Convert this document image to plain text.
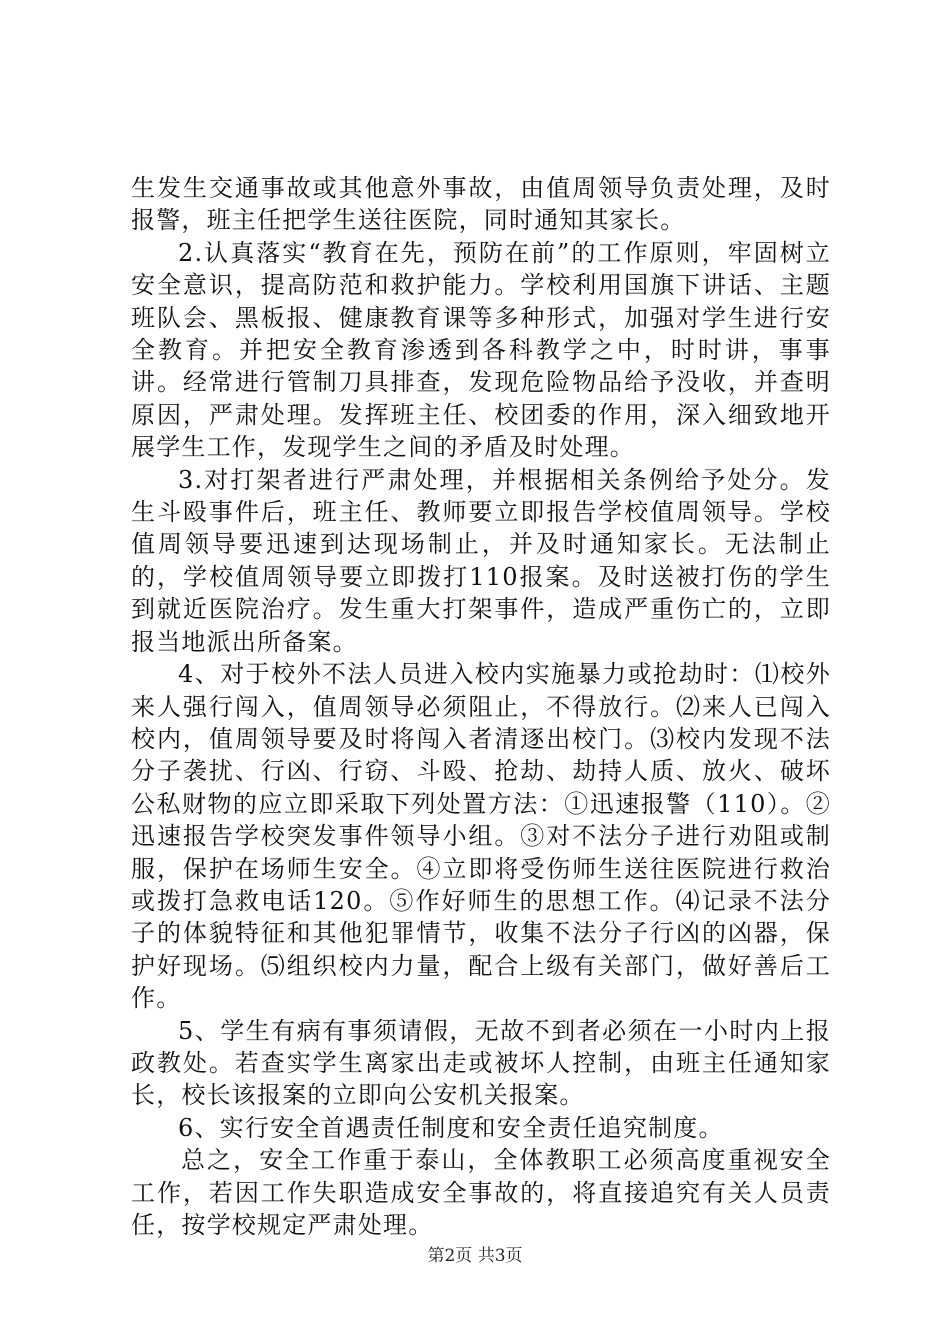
生发生交通事故或其他意外事故，由值周领导负责处理，及时报警，班主任把学生送往医院，同时通知其家长。

2.认真落实“教育在先，预防在前”的工作原则，牢固树立安全意识，提高防范和救护能力。学校利用国旗下讲话、主题班队会、黑板报、健康教育课等多种形式，加强对学生进行安全教育。并把安全教育渗透到各科教学之中，时时讲，事事讲。经常进行管制刀具排查，发现危险物品给予没收，并查明原因，严肃处理。发挥班主任、校团委的作用，深入细致地开展学生工作，发现学生之间的矛盾及时处理。

3.对打架者进行严肃处理，并根据相关条例给予处分。发生斗殴事件后，班主任、教师要立即报告学校值周领导。学校值周领导要迅速到达现场制止，并及时通知家长。无法制止的，学校值周领导要立即拨打110报案。及时送被打伤的学生到就近医院治疗。发生重大打架事件，造成严重伤亡的，立即报当地派出所备案。

4、对于校外不法人员进入校内实施暴力或抢劫时：⑴校外来人强行闯入，值周领导必须阻止，不得放行。⑵来人已闯入校内，值周领导要及时将闯入者清逐出校门。⑶校内发现不法分子袭扰、行凶、行窃、斗殴、抢劫、劫持人质、放火、破坏公私财物的应立即采取下列处置方法：①迅速报警（110）。②迅速报告学校突发事件领导小组。③对不法分子进行劝阻或制服，保护在场师生安全。④立即将受伤师生送往医院进行救治或拨打急救电话120。⑤作好师生的思想工作。⑷记录不法分子的体貌特征和其他犯罪情节，收集不法分子行凶的凶器，保护好现场。⑸组织校内力量，配合上级有关部门，做好善后工作。

5、学生有病有事须请假，无故不到者必须在一小时内上报政教处。若查实学生离家出走或被坏人控制，由班主任通知家长，校长该报案的立即向公安机关报案。

6、实行安全首遇责任制度和安全责任追究制度。

总之，安全工作重于泰山，全体教职工必须高度重视安全工作，若因工作失职造成安全事故的，将直接追究有关人员责任，按学校规定严肃处理。

第2页 共3页
